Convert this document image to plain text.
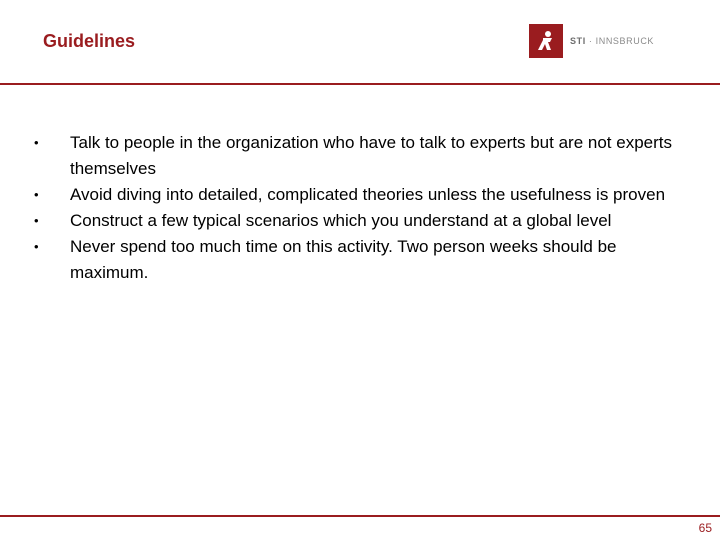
Guidelines	STI · INNSBRUCK
•	Talk to people in the organization who have to talk to experts but are not experts themselves
•	Avoid diving into detailed, complicated theories unless the usefulness is proven
•	Construct a few typical scenarios which you understand at a global level
•	Never spend too much time on this activity. Two person weeks should be maximum.
65
